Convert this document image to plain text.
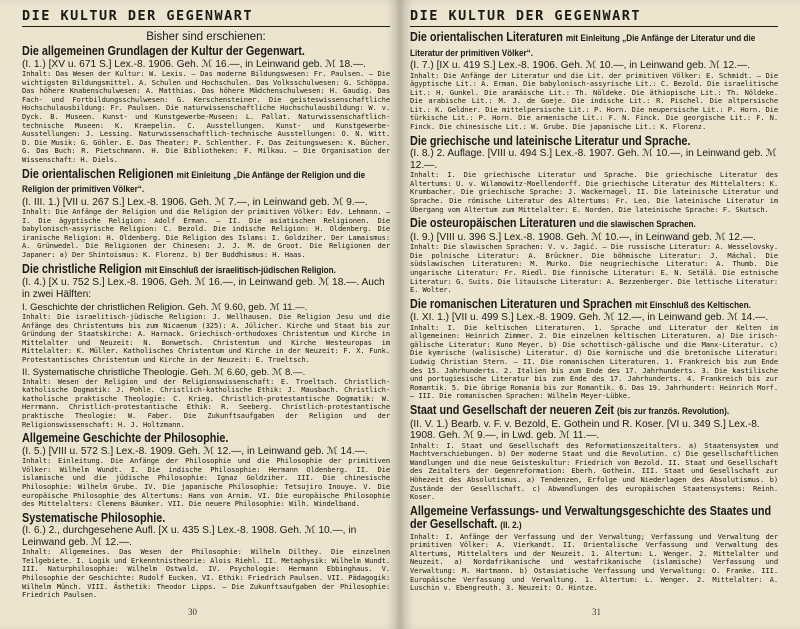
DIE KULTUR DER GEGENWART
Bisher sind erschienen:
Die allgemeinen Grundlagen der Kultur der Gegenwart.
(I. 1.) [XV u. 671 S.] Lex.-8. 1906. Geh. ℳ 16.—, in Leinwand geb. ℳ 18.—.
Inhalt: Das Wesen der Kultur: W. Lexis. — Das moderne Bildungswesen: Fr. Paulsen. — Die wichtigsten Bildungsmittel. A. Schulen und Hochschulen. Das Volksschulwesen: G. Schöppa. Das höhere Knabenschulwesen: A. Matthias. Das höhere Mädchenschulwesen: H. Gaudig. Das Fach- und Fortbildungsschulwesen: G. Kerschensteiner. Die geisteswissenschaftliche Hochschulausbildung: Fr. Paulsen. Die naturwissenschaftliche Hochschulausbildung: W. v. Dyck. B. Museen. Kunst- und Kunstgewerbe-Museen: L. Pallat. Naturwissenschaftlich-technische Museen: K. Kraepelin. C. Ausstellungen. Kunst- und Kunstgewerbe-Ausstellungen: J. Lessing. Naturwissenschaftlich-technische Ausstellungen: O. N. Witt. D. Die Musik: G. Göhler. E. Das Theater: P. Schlenther. F. Das Zeitungswesen: K. Bücher. G. Das Buch: R. Pietschmann. H. Die Bibliotheken: F. Milkau. — Die Organisation der Wissenschaft: H. Diels.
Die orientalischen Religionen mit Einleitung „Die Anfänge der Religion und die Religion der primitiven Völker“.
(I. III. 1.) [VII u. 267 S.] Lex.-8. 1906. Geh. ℳ 7.—, in Leinwand geb. ℳ 9.—.
Inhalt: Die Anfänge der Religion und die Religion der primitiven Völker: Edv. Lehmann. — I. Die ägyptische Religion: Adolf Erman. — II. Die asiatischen Religionen. Die babylonisch-assyrische Religion: C. Bezold. Die indische Religion: H. Oldenberg. Die iranische Religion: H. Oldenberg. Die Religion des Islams: I. Goldziher. Der Lamaismus: A. Grünwedel. Die Religionen der Chinesen: J. J. M. de Groot. Die Religionen der Japaner: a) Der Shintoismus: K. Florenz. b) Der Buddhismus: H. Haas.
Die christliche Religion mit Einschluß der israelitisch-jüdischen Religion.
(I. 4.) [X u. 752 S.] Lex.-8. 1906. Geh. ℳ 16.—, in Leinwand geb. ℳ 18.—. Auch in zwei Hälften:
I. Geschichte der christlichen Religion. Geh. ℳ 9.60, geb. ℳ 11.—.
Inhalt: Die israelitisch-jüdische Religion: J. Wellhausen. Die Religion Jesu und die Anfänge des Christentums bis zum Nicaenum (325): A. Jülicher. Kirche und Staat bis zur Gründung der Staatskirche: A. Harnack. Griechisch-orthodoxes Christentum und Kirche in Mittelalter und Neuzeit: N. Bonwetsch. Christentum und Kirche Westeuropas im Mittelalter: K. Müller. Katholisches Christentum und Kirche in der Neuzeit: F. X. Funk. Protestantisches Christentum und Kirche in der Neuzeit: E. Troeltsch.
II. Systematische christliche Theologie. Geh. ℳ 6.60, geb. ℳ 8.—.
Inhalt: Wesen der Religion und der Religionswissenschaft: E. Troeltsch. Christlich-katholische Dogmatik: J. Pohle. Christlich-katholische Ethik: J. Mausbach. Christlich-katholische praktische Theologie: C. Krieg. Christlich-protestantische Dogmatik: W. Herrmann. Christlich-protestantische Ethik: R. Seeberg. Christlich-protestantische praktische Theologie: W. Faber. Die Zukunftsaufgaben der Religion und der Religionswissenschaft: H. J. Holtzmann.
Allgemeine Geschichte der Philosophie.
(I. 5.) [VIII u. 572 S.] Lex.-8. 1909. Geh. ℳ 12.—, in Leinwand geb. ℳ 14.—.
Inhalt: Einleitung. Die Anfänge der Philosophie und die Philosophie der primitiven Völker: Wilhelm Wundt. I. Die indische Philosophie: Hermann Oldenberg. II. Die islamische und die jüdische Philosophie: Ignaz Goldziher. III. Die chinesische Philosophie: Wilhelm Grube. IV. Die japanische Philosophie: Tetsujiro Inouye. V. Die europäische Philosophie des Altertums: Hans von Arnim. VI. Die europäische Philosophie des Mittelalters: Clemens Bäumker. VII. Die neuere Philosophie: Wilh. Windelband.
Systematische Philosophie.
(I. 6.) 2., durchgesehene Aufl. [X u. 435 S.] Lex.-8. 1908. Geh. ℳ 10.—, in Leinwand geb. ℳ 12.—.
Inhalt: Allgemeines. Das Wesen der Philosophie: Wilhelm Dilthey. Die einzelnen Teilgebiete. I. Logik und Erkenntnistheorie: Alois Riehl. II. Metaphysik: Wilhelm Wundt. III. Naturphilosophie: Wilhelm Ostwald. IV. Psychologie: Hermann Ebbinghaus. V. Philosophie der Geschichte: Rudolf Eucken. VI. Ethik: Friedrich Paulsen. VII. Pädagogik: Wilhelm Münch. VIII. Ästhetik: Theodor Lipps. — Die Zukunftsaufgaben der Philosophie: Friedrich Paulsen.
30
DIE KULTUR DER GEGENWART
Die orientalischen Literaturen mit Einleitung „Die Anfänge der Literatur und die Literatur der primitiven Völker“.
(I. 7.) [IX u. 419 S.] Lex.-8. 1906. Geh. ℳ 10.—, in Leinwand geb. ℳ 12.—.
Inhalt: Die Anfänge der Literatur und die Lit. der primitiven Völker: E. Schmidt. — Die ägyptische Lit.: A. Erman. Die babylonisch-assyrische Lit.: C. Bezold. Die israelitische Lit.: H. Gunkel. Die aramäische Lit.: Th. Nöldeke. Die äthiopische Lit.: Th. Nöldeke. Die arabische Lit.: M. J. de Goeje. Die indische Lit.: R. Pischel. Die altpersische Lit.: K. Geldner. Die mittelpersische Lit.: P. Horn. Die neupersische Lit.: P. Horn. Die türkische Lit.: P. Horn. Die armenische Lit.: F. N. Finck. Die georgische Lit.: F. N. Finck. Die chinesische Lit.: W. Grube. Die japanische Lit.: K. Florenz.
Die griechische und lateinische Literatur und Sprache.
(I. 8.) 2. Auflage. [VIII u. 494 S.] Lex.-8. 1907. Geh. ℳ 10.—, in Leinwand geb. ℳ 12.—.
Inhalt: I. Die griechische Literatur und Sprache. Die griechische Literatur des Altertums: U. v. Wilamowitz-Moellendorff. Die griechische Literatur des Mittelalters: K. Krumbacher. Die griechische Sprache: J. Wackernagel. II. Die lateinische Literatur und Sprache. Die römische Literatur des Altertums: Fr. Leo. Die lateinische Literatur im Übergang vom Altertum zum Mittelalter: E. Norden. Die lateinische Sprache: F. Skutsch.
Die osteuropäischen Literaturen und die slawischen Sprachen.
(I. 9.) [VIII u. 396 S.] Lex.-8. 1908. Geh. ℳ 10.—, in Leinwand geb. ℳ 12.—.
Inhalt: Die slawischen Sprachen: V. v. Jagić. — Die russische Literatur: A. Wesselovsky. Die polnische Literatur: A. Brückner. Die böhmische Literatur: J. Máchal. Die südslawischen Literaturen: M. Murko. Die neugriechische Literatur: A. Thumb. Die ungarische Literatur: Fr. Riedl. Die finnische Literatur: E. N. Setälä. Die estnische Literatur: G. Suits. Die litauische Literatur: A. Bezzenberger. Die lettische Literatur: E. Wolter.
Die romanischen Literaturen und Sprachen mit Einschluß des Keltischen.
(I. XI. 1.) [VII u. 499 S.] Lex.-8. 1909. Geh. ℳ 12.—, in Leinwand geb. ℳ 14.—.
Inhalt: I. Die keltischen Literaturen. 1. Sprache und Literatur der Kelten im allgemeinen: Heinrich Zimmer. 2. Die einzelnen keltischen Literaturen. a) Die irisch-gälische Literatur: Kuno Meyer. b) Die schottisch-gälische und die Manx-Literatur. c) Die kymrische (walisische) Literatur. d) Die kornische und die bretonische Literatur: Ludwig Christian Stern. — II. Die romanischen Literaturen. 1. Frankreich bis zum Ende des 15. Jahrhunderts. 2. Italien bis zum Ende des 17. Jahrhunderts. 3. Die kastilische und portugiesische Literatur bis zum Ende des 17. Jahrhunderts. 4. Frankreich bis zur Romantik. 5. Die übrige Romania bis zur Romantik. 6. Das 19. Jahrhundert: Heinrich Morf. — III. Die romanischen Sprachen: Wilhelm Meyer-Lübke.
Staat und Gesellschaft der neueren Zeit (bis zur französ. Revolution).
(II. V. 1.) Bearb. v. F. v. Bezold, E. Gothein und R. Koser. [VI u. 349 S.] Lex.-8. 1908. Geh. ℳ 9.—, in Lwd. geb. ℳ 11.—.
Inhalt: I. Staat und Gesellschaft des Reformationszeitalters. a) Staatensystem und Machtverschiebungen. b) Der moderne Staat und die Revolution. c) Die gesellschaftlichen Wandlungen und die neue Geisteskultur: Friedrich von Bezold. II. Staat und Gesellschaft des Zeitalters der Gegenreformation: Eberh. Gothein. III. Staat und Gesellschaft zur Höhezeit des Absolutismus. a) Tendenzen, Erfolge und Niederlagen des Absolutismus. b) Zustände der Gesellschaft. c) Abwandlungen des europäischen Staatensystems: Reinh. Koser.
Allgemeine Verfassungs- und Verwaltungsgeschichte des Staates und der Gesellschaft. (II. 2.)
Inhalt: I. Anfänge der Verfassung und der Verwaltung; Verfassung und Verwaltung der primitiven Völker: A. Vierkandt. II. Orientalische Verfassung und Verwaltung des Altertums, Mittelalters und der Neuzeit. 1. Altertum: L. Wenger. 2. Mittelalter und Neuzeit. a) Nordafrikanische und westafrikanische (islamische) Verfassung und Verwaltung: M. Hartmann. b) Ostasiatische Verfassung und Verwaltung: O. Franke. III. Europäische Verfassung und Verwaltung. 1. Altertum: L. Wenger. 2. Mittelalter: A. Luschin v. Ebengreuth. 3. Neuzeit: O. Hintze.
31
